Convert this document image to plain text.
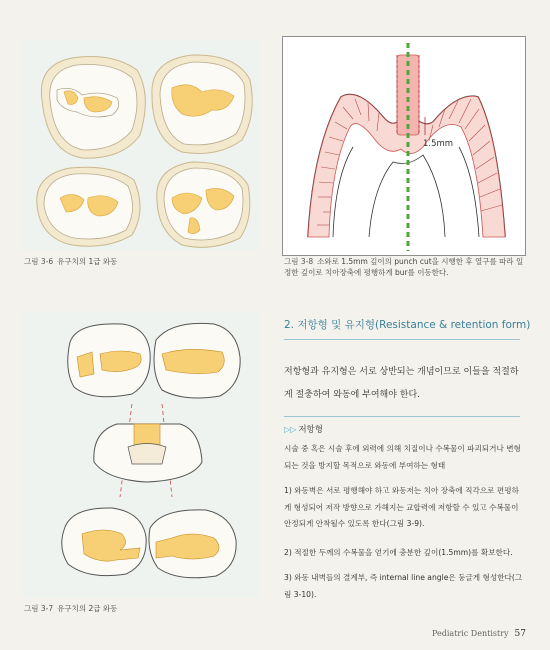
그림 3-6 유구치의 1급 와동
1.5mm
그림 3-8 소와로 1.5mm 깊이의 punch cut을 시행한 후 열구를 따라 일정한 깊이로 치아장축에 평행하게 bur를 이동한다.
그림 3-7 유구치의 2급 와동
2. 저항형 및 유지형(Resistance & retention form)
저항형과 유지형은 서로 상반되는 개념이므로 이들을 적절하게 절충하여 와동에 부여해야 한다.
▷▷ 저항형
시술 중 혹은 시술 후에 외력에 의해 치질이나 수복물이 파괴되거나 변형되는 것을 방지할 목적으로 와동에 부여하는 형태
1) 와동벽은 서로 평행해야 하고 와동저는 치아 장축에 직각으로 편평하게 형성되어 저작 방향으로 가해지는 교합력에 저항할 수 있고 수복물이 안정되게 안착될수 있도록 한다(그림 3-9).
2) 적절한 두께의 수복물을 얻기에 충분한 깊이(1.5mm)를 확보한다.
3) 와동 내벽들의 결계부, 즉 internal line angle은 둥글게 형성한다(그림 3-10).
Pediatric Dentistry 57
